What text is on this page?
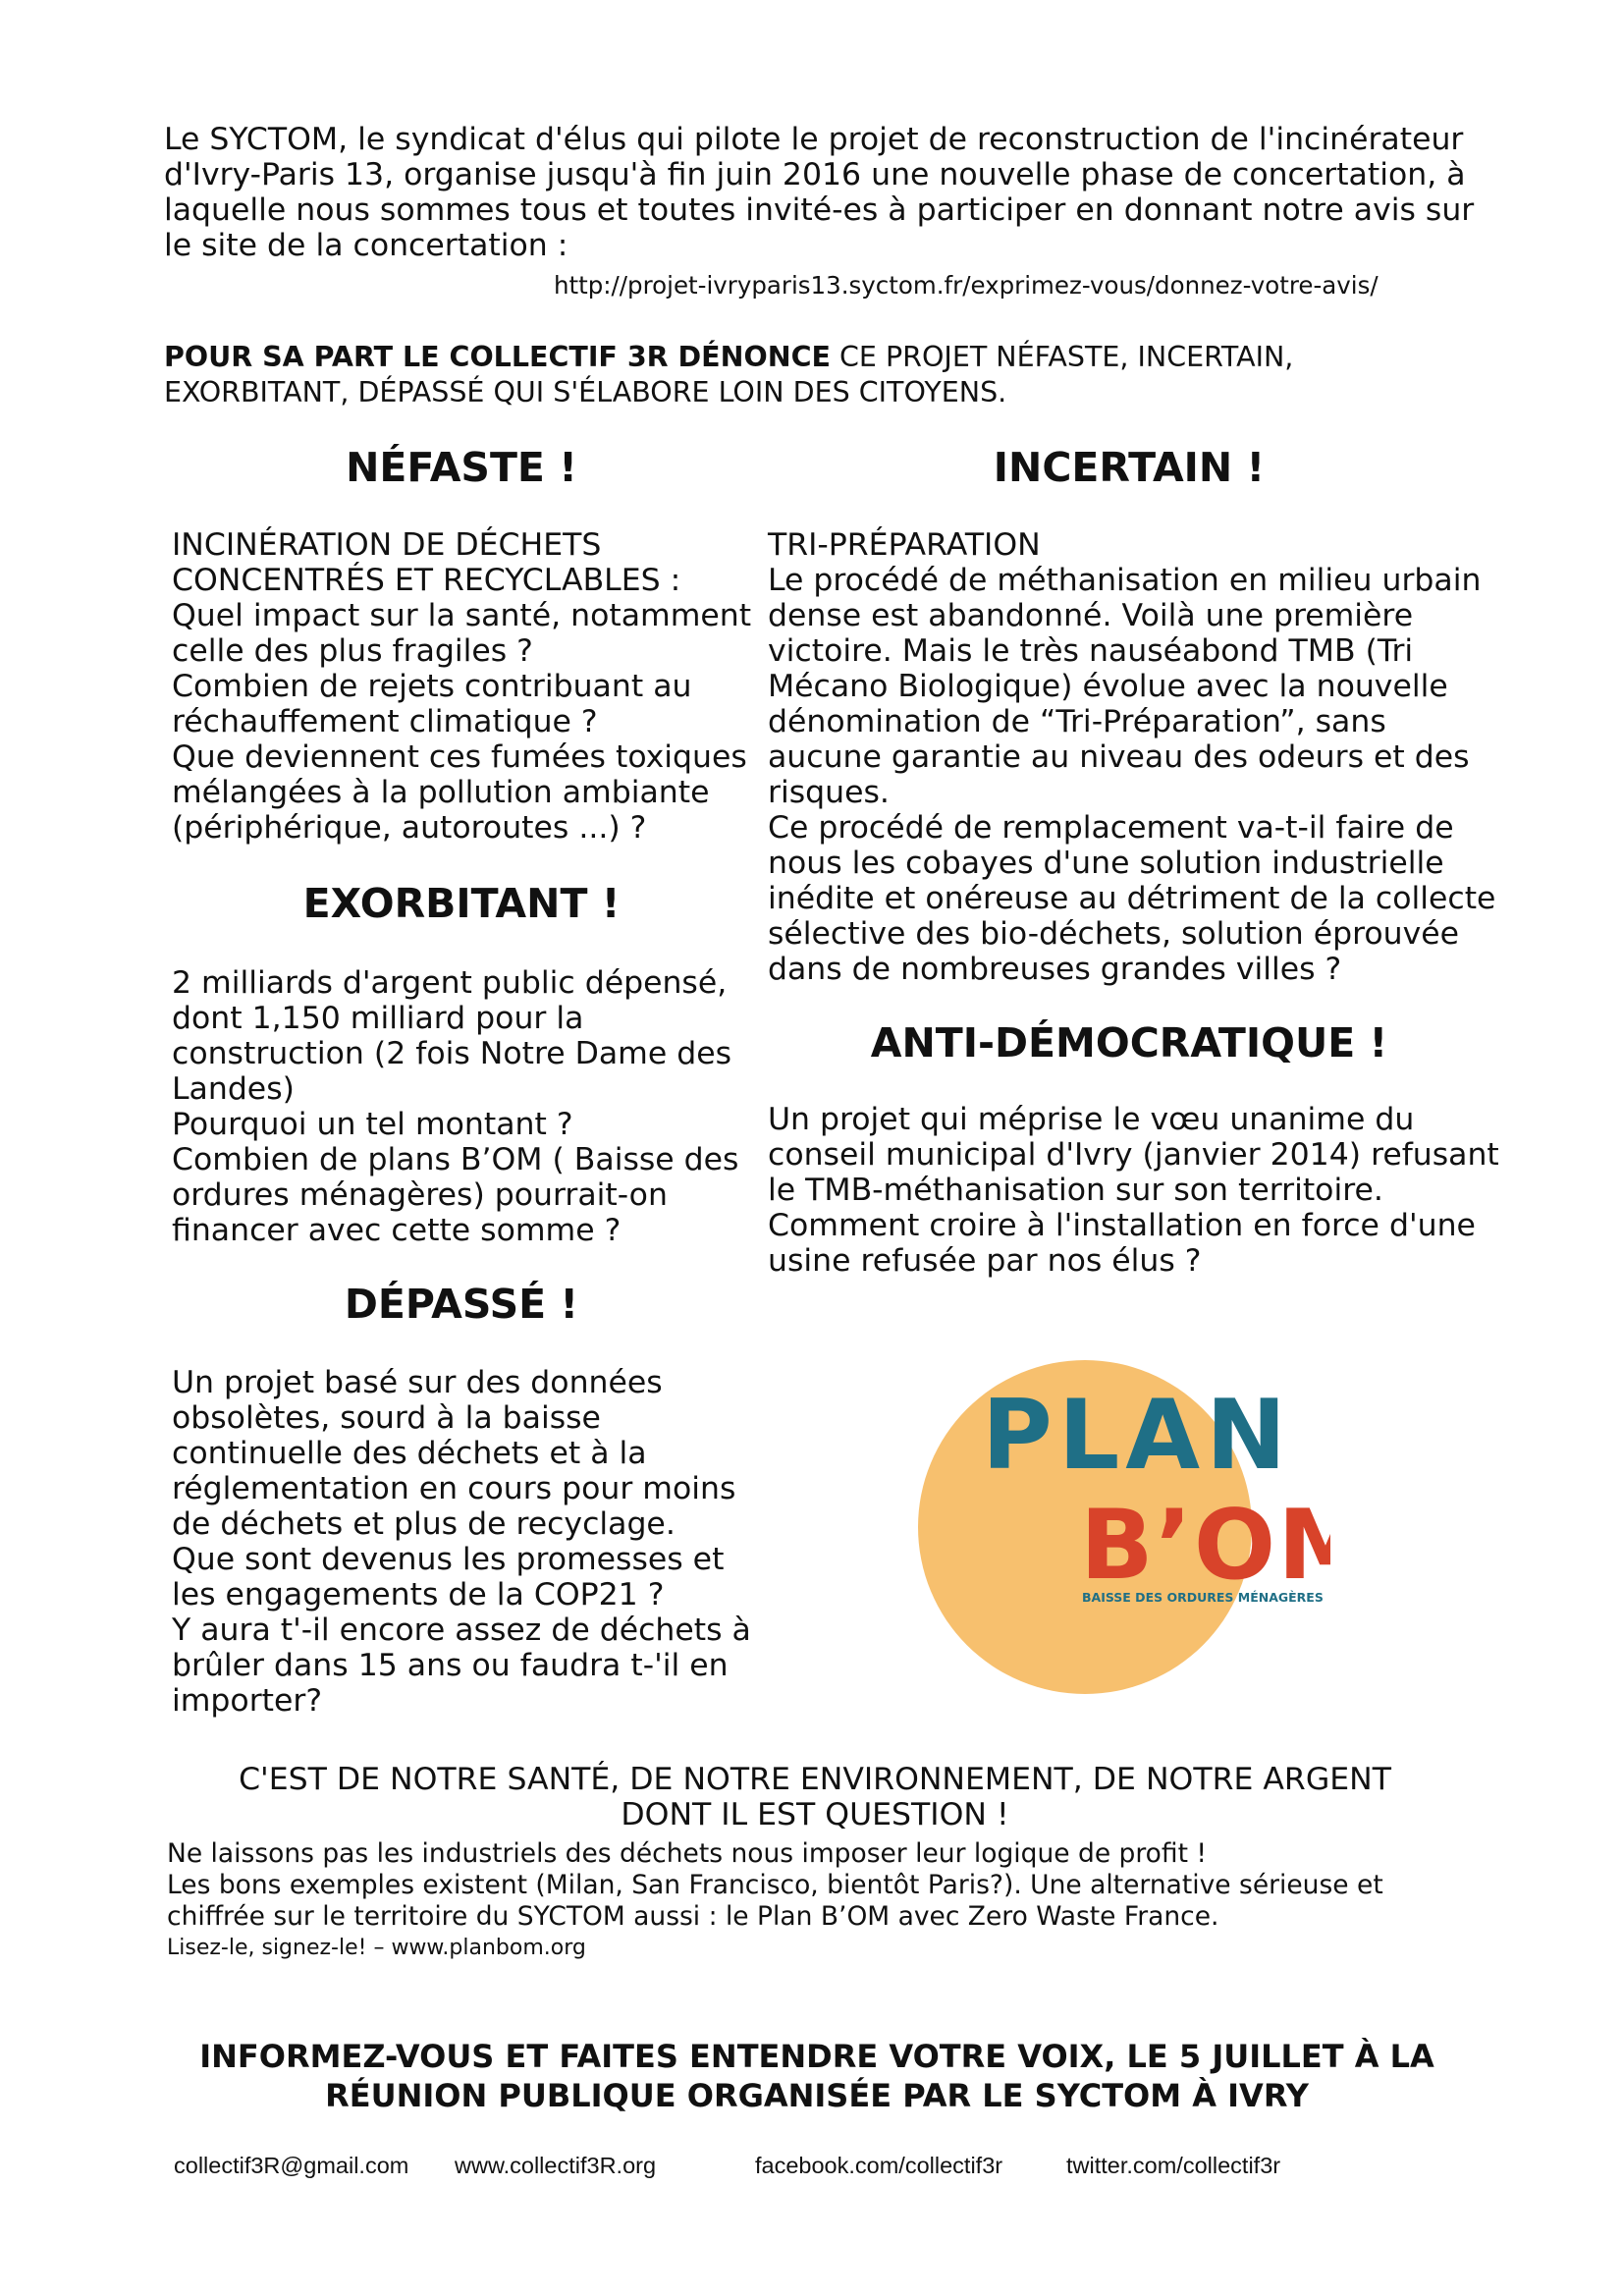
Le SYCTOM, le syndicat d'élus qui pilote le projet de reconstruction de l'incinérateur
d'Ivry-Paris 13, organise jusqu'à fin juin 2016 une nouvelle phase de concertation, à
laquelle nous sommes tous et toutes invité-es à participer en donnant notre avis sur
le site de la concertation :
http://projet-ivryparis13.syctom.fr/exprimez-vous/donnez-votre-avis/
POUR SA PART LE COLLECTIF 3R DÉNONCE CE PROJET NÉFASTE, INCERTAIN,
EXORBITANT, DÉPASSÉ QUI S'ÉLABORE LOIN DES CITOYENS.
NÉFASTE !
INCINÉRATION DE DÉCHETS
CONCENTRÉS ET RECYCLABLES :
Quel impact sur la santé, notamment
celle des plus fragiles ?
Combien de rejets contribuant au
réchauffement climatique ?
Que deviennent ces fumées toxiques
mélangées à la pollution ambiante
(périphérique, autoroutes ...) ?
EXORBITANT !
2 milliards d'argent public dépensé,
dont 1,150 milliard pour la
construction (2 fois Notre Dame des
Landes)
Pourquoi un tel montant ?
Combien de plans B’OM ( Baisse des
ordures ménagères) pourrait-on
financer avec cette somme ?
DÉPASSÉ !
Un projet basé sur des données
obsolètes, sourd à la baisse
continuelle des déchets et à la
réglementation en cours pour moins
de déchets et plus de recyclage.
Que sont devenus les promesses et
les engagements de la COP21 ?
Y aura t'-il encore assez de déchets à
brûler dans 15 ans ou faudra t-'il en
importer?
INCERTAIN !
TRI-PRÉPARATION
Le procédé de méthanisation en milieu urbain
dense est abandonné. Voilà une première
victoire. Mais le très nauséabond TMB (Tri
Mécano Biologique) évolue avec la nouvelle
dénomination de “Tri-Préparation”, sans
aucune garantie au niveau des odeurs et des
risques.
Ce procédé de remplacement va-t-il faire de
nous les cobayes d'une solution industrielle
inédite et onéreuse au détriment de la collecte
sélective des bio-déchets, solution éprouvée
dans de nombreuses grandes villes ?
ANTI-DÉMOCRATIQUE !
Un projet qui méprise le vœu unanime du
conseil municipal d'Ivry (janvier 2014) refusant
le TMB-méthanisation sur son territoire.
Comment croire à l'installation en force d'une
usine refusée par nos élus ?
PLAN
B’OM
BAISSE DES ORDURES MÉNAGÈRES
C'EST DE NOTRE SANTÉ, DE NOTRE ENVIRONNEMENT, DE NOTRE ARGENT
DONT IL EST QUESTION !
Ne laissons pas les industriels des déchets nous imposer leur logique de profit !
Les bons exemples existent (Milan, San Francisco, bientôt Paris?). Une alternative sérieuse et
chiffrée sur le territoire du SYCTOM aussi : le Plan B’OM avec Zero Waste France.
Lisez-le, signez-le! – www.planbom.org
INFORMEZ-VOUS ET FAITES ENTENDRE VOTRE VOIX, LE 5 JUILLET À LA
RÉUNION PUBLIQUE ORGANISÉE PAR LE SYCTOM À IVRY
collectif3R@gmail.com www.collectif3R.org	facebook.com/collectif3r	twitter.com/collectif3r
